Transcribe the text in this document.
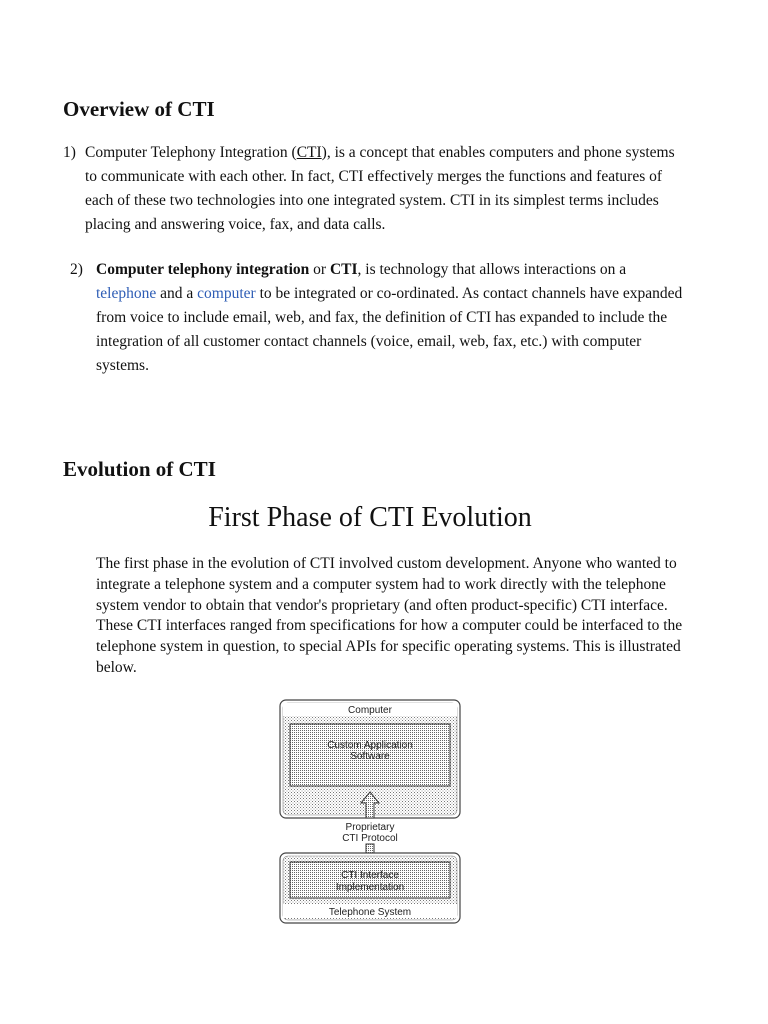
Overview of CTI
1) Computer Telephony Integration (CTI), is a concept that enables computers and phone systems to communicate with each other. In fact, CTI effectively merges the functions and features of each of these two technologies into one integrated system. CTI in its simplest terms includes placing and answering voice, fax, and data calls.
2) Computer telephony integration or CTI, is technology that allows interactions on a telephone and a computer to be integrated or co-ordinated. As contact channels have expanded from voice to include email, web, and fax, the definition of CTI has expanded to include the integration of all customer contact channels (voice, email, web, fax, etc.) with computer systems.
Evolution of CTI
First Phase of CTI Evolution

The first phase in the evolution of CTI involved custom development. Anyone who wanted to integrate a telephone system and a computer system had to work directly with the telephone system vendor to obtain that vendor's proprietary (and often product-specific) CTI interface. These CTI interfaces ranged from specifications for how a computer could be interfaced to the telephone system in question, to special APIs for specific operating systems. This is illustrated below.

Computer
Custom Application
Software
Proprietary
CTI Protocol
Telephone System
CTI Interface
Implementation
